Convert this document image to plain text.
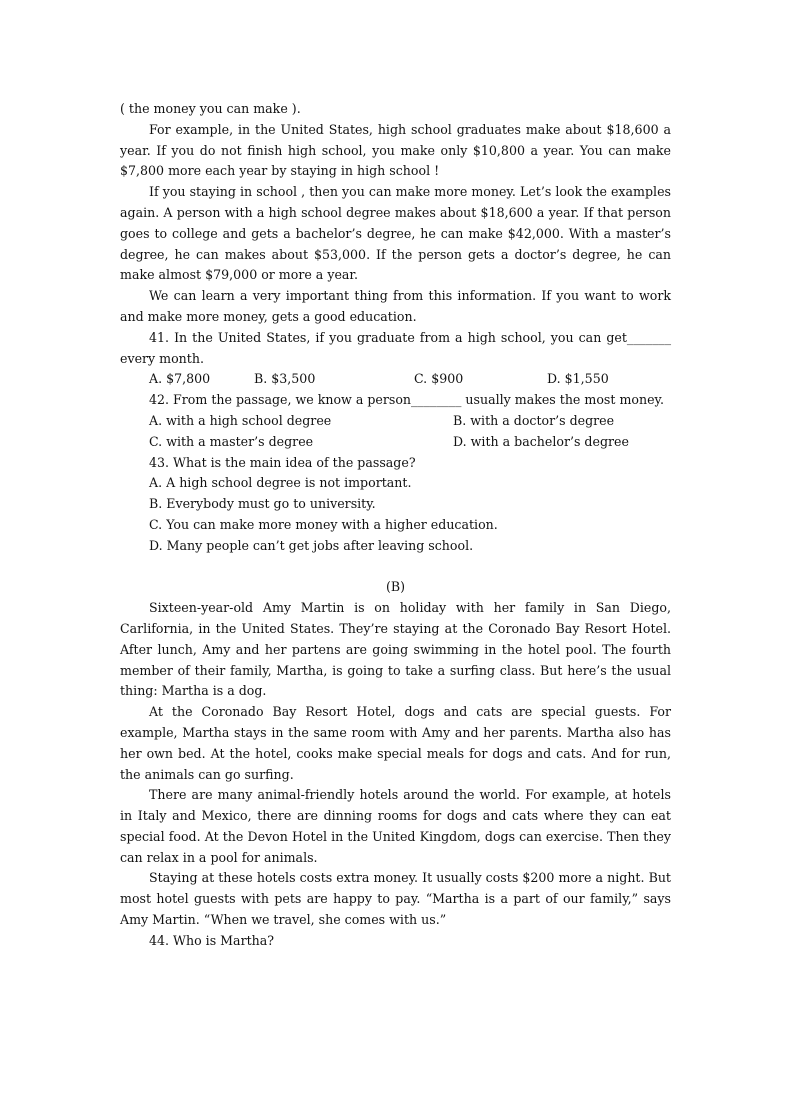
( the money you can make ).

For example, in the United States, high school graduates make about $18,600 a year. If you do not finish high school, you make only $10,800 a year. You can make $7,800 more each year by staying in high school !

If you staying in school , then you can make more money. Let’s look the examples again. A person with a high school degree makes about $18,600 a year. If that person goes to college and gets a bachelor’s degree, he can make $42,000. With a master’s degree, he can makes about $53,000. If the person gets a doctor’s degree, he can make almost $79,000 or more a year.

We can learn a very important thing from this information. If you want to work and make more money, gets a good education.

41. In the United States, if you graduate from a high school, you can get_______ every month.

A. $7,800	B. $3,500	C. $900	D. $1,550

42. From the passage, we know a person________ usually makes the most money.

A. with a high school degree	B. with a doctor’s degree
C. with a master’s degree	D. with a bachelor’s degree

43. What is the main idea of the passage?

A. A high school degree is not important.

B. Everybody must go to university.

C. You can make more money with a higher education.

D. Many people can’t get jobs after leaving school.

(B)

Sixteen-year-old Amy Martin is on holiday with her family in San Diego, Carlifornia, in the United States. They’re staying at the Coronado Bay Resort Hotel. After lunch, Amy and her partens are going swimming in the hotel pool. The fourth member of their family, Martha, is going to take a surfing class. But here’s the usual thing: Martha is a dog.

At the Coronado Bay Resort Hotel, dogs and cats are special guests. For example, Martha stays in the same room with Amy and her parents. Martha also has her own bed. At the hotel, cooks make special meals for dogs and cats. And for run, the animals can go surfing.

There are many animal-friendly hotels around the world. For example, at hotels in Italy and Mexico, there are dinning rooms for dogs and cats where they can eat special food. At the Devon Hotel in the United Kingdom, dogs can exercise. Then they can relax in a pool for animals.

Staying at these hotels costs extra money. It usually costs $200 more a night. But most hotel guests with pets are happy to pay. “Martha is a part of our family,” says Amy Martin. “When we travel, she comes with us.”

44. Who is Martha?
